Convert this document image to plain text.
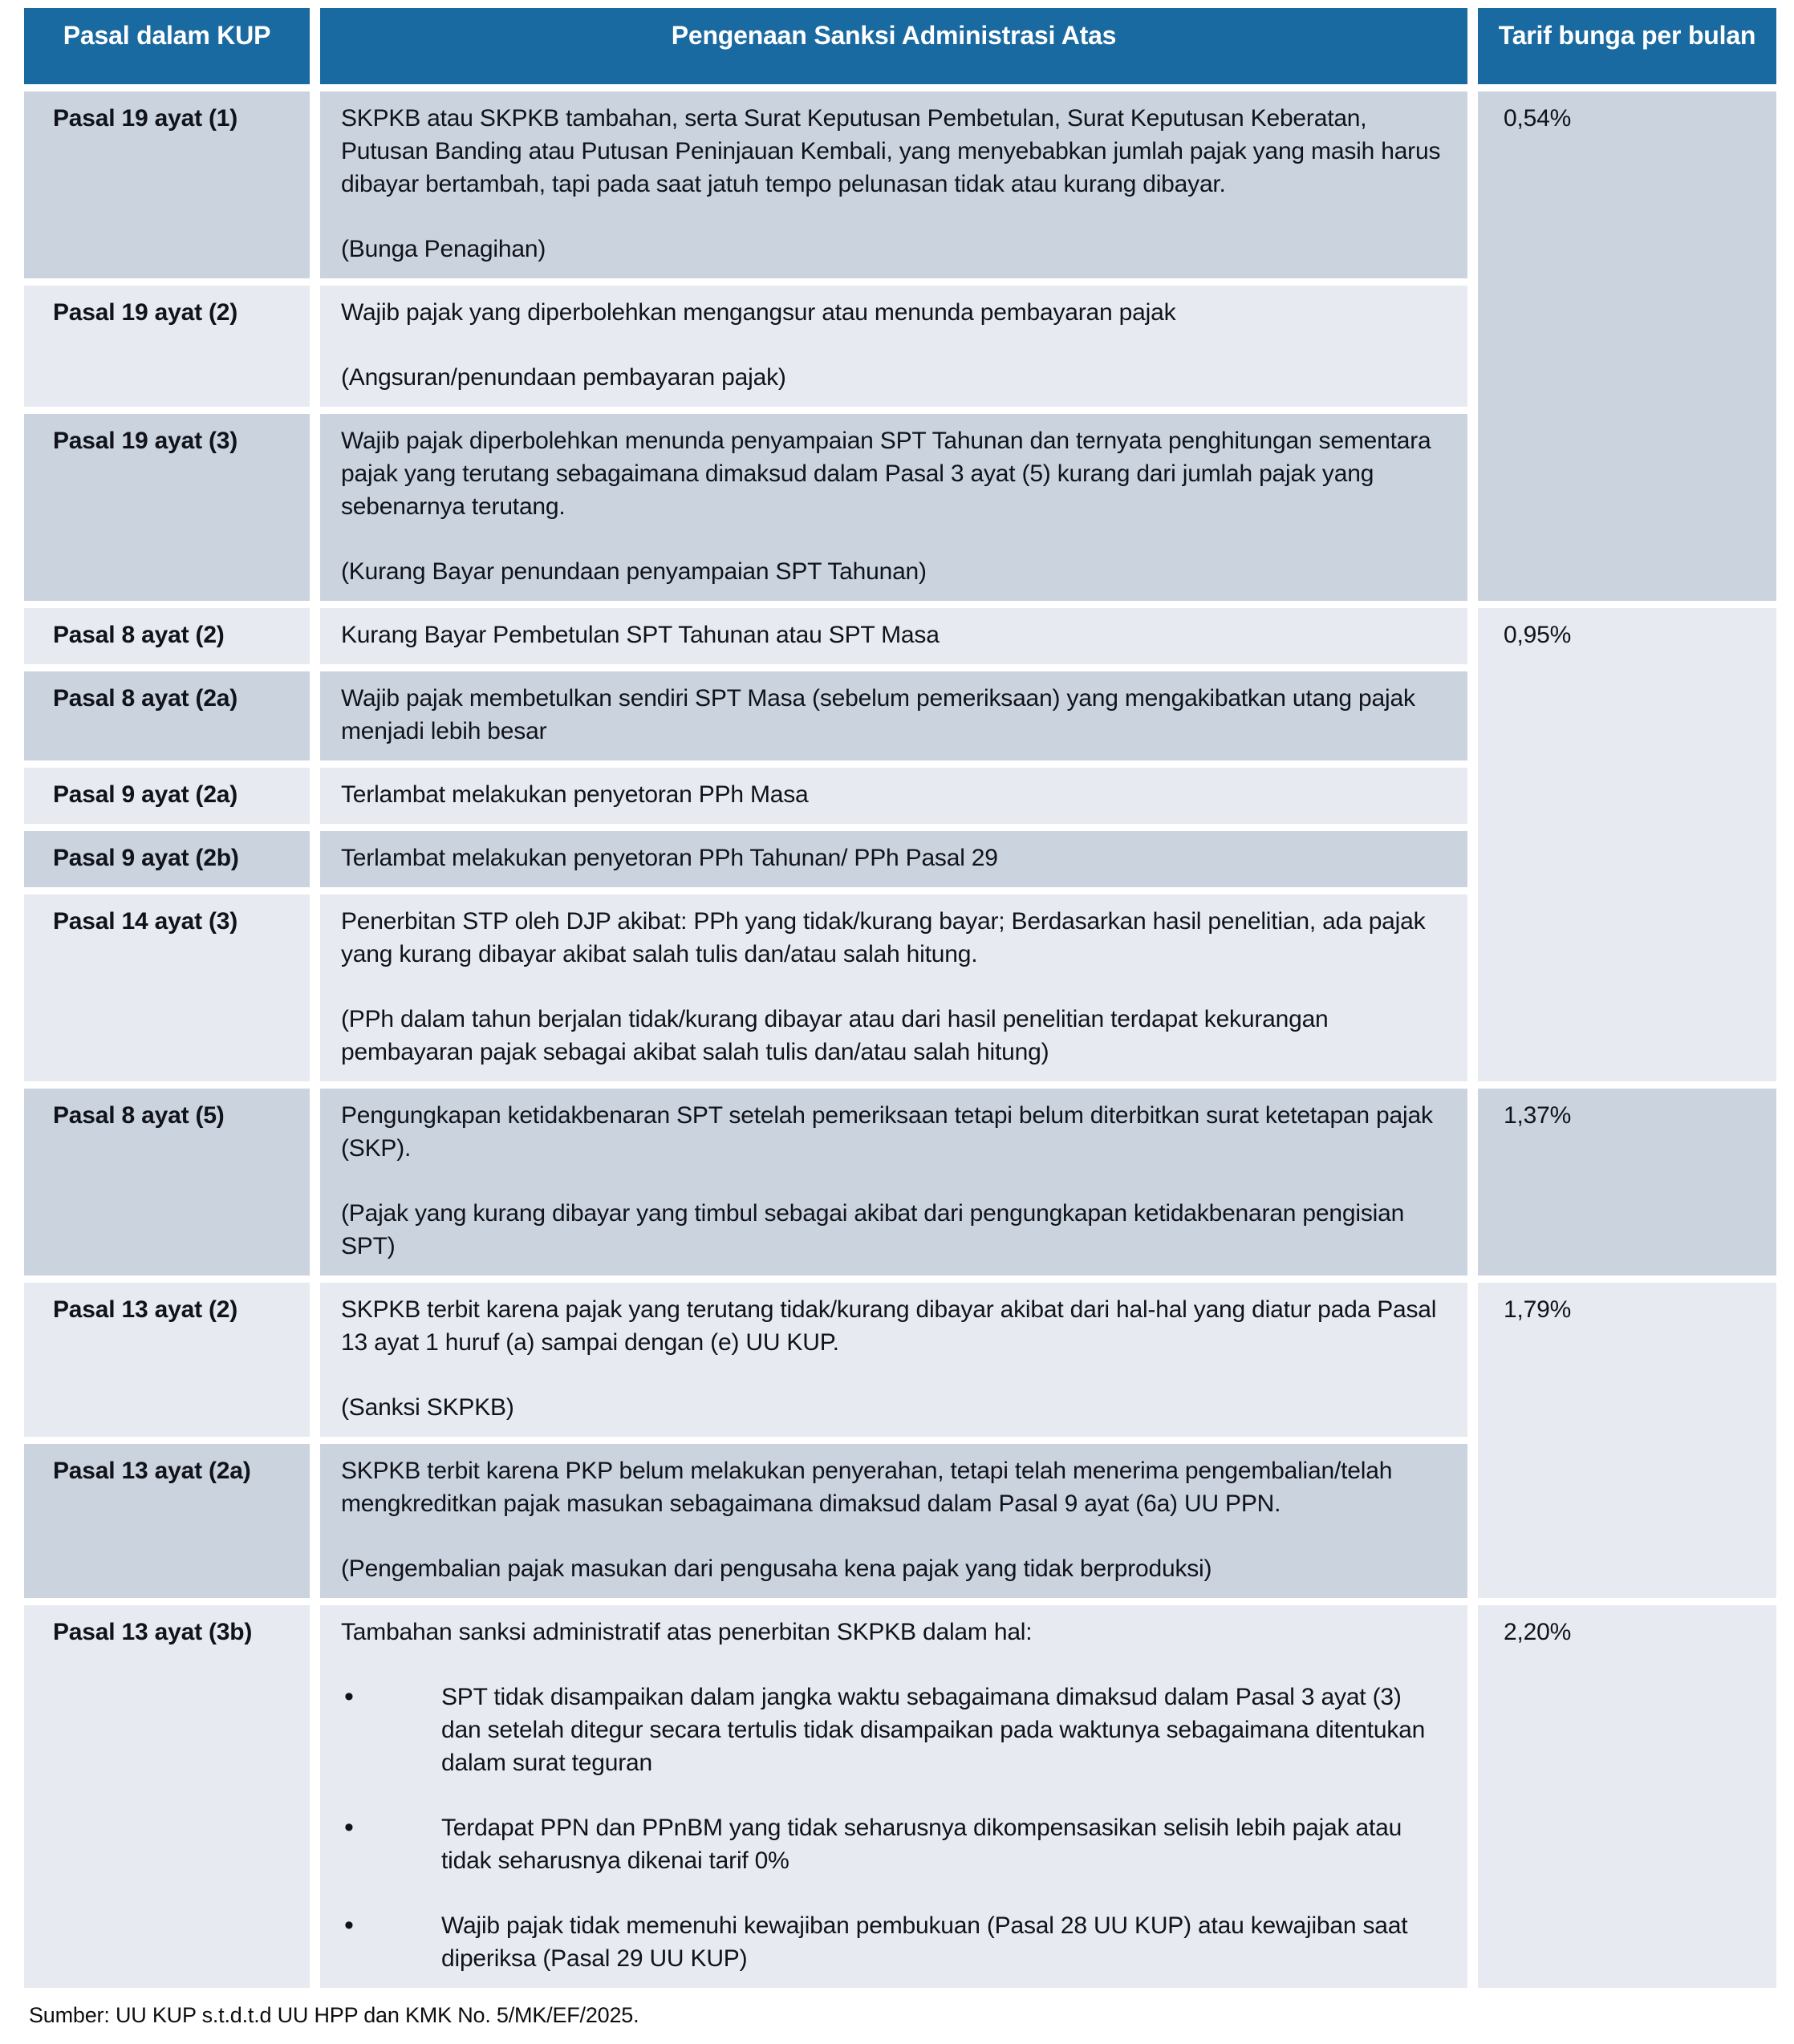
Pasal dalam KUP	Pengenaan Sanksi Administrasi Atas	Tarif bunga per bulan
Pasal 19 ayat (1)	SKPKB atau SKPKB tambahan, serta Surat Keputusan Pembetulan, Surat Keputusan Keberatan, Putusan Banding atau Putusan Peninjauan Kembali, yang menyebabkan jumlah pajak yang masih harus dibayar bertambah, tapi pada saat jatuh tempo pelunasan tidak atau kurang dibayar.

(Bunga Penagihan)

0,54%
Pasal 19 ayat (2)	Wajib pajak yang diperbolehkan mengangsur atau menunda pembayaran pajak

(Angsuran/penundaan pembayaran pajak)

Pasal 19 ayat (3)	Wajib pajak diperbolehkan menunda penyampaian SPT Tahunan dan ternyata penghitungan sementara pajak yang terutang sebagaimana dimaksud dalam Pasal 3 ayat (5) kurang dari jumlah pajak yang sebenarnya terutang.

(Kurang Bayar penundaan penyampaian SPT Tahunan)

Pasal 8 ayat (2)	Kurang Bayar Pembetulan SPT Tahunan atau SPT Masa	0,95%
Pasal 8 ayat (2a)	Wajib pajak membetulkan sendiri SPT Masa (sebelum pemeriksaan) yang mengakibatkan utang pajak menjadi lebih besar

Pasal 9 ayat (2a)	Terlambat melakukan penyetoran PPh Masa

Pasal 9 ayat (2b)	Terlambat melakukan penyetoran PPh Tahunan/ PPh Pasal 29

Pasal 14 ayat (3)	Penerbitan STP oleh DJP akibat: PPh yang tidak/kurang bayar; Berdasarkan hasil penelitian, ada pajak yang kurang dibayar akibat salah tulis dan/atau salah hitung.

(PPh dalam tahun berjalan tidak/kurang dibayar atau dari hasil penelitian terdapat kekurangan pembayaran pajak sebagai akibat salah tulis dan/atau salah hitung)

Pasal 8 ayat (5)	Pengungkapan ketidakbenaran SPT setelah pemeriksaan tetapi belum diterbitkan surat ketetapan pajak (SKP).

(Pajak yang kurang dibayar yang timbul sebagai akibat dari pengungkapan ketidakbenaran pengisian SPT)

1,37%
Pasal 13 ayat (2)	SKPKB terbit karena pajak yang terutang tidak/kurang dibayar akibat dari hal-hal yang diatur pada Pasal 13 ayat 1 huruf (a) sampai dengan (e) UU KUP.

(Sanksi SKPKB)

1,79%
Pasal 13 ayat (2a)	SKPKB terbit karena PKP belum melakukan penyerahan, tetapi telah menerima pengembalian/telah mengkreditkan pajak masukan sebagaimana dimaksud dalam Pasal 9 ayat (6a) UU PPN.

(Pengembalian pajak masukan dari pengusaha kena pajak yang tidak berproduksi)

Pasal 13 ayat (3b)	Tambahan sanksi administratif atas penerbitan SKPKB dalam hal:

• SPT tidak disampaikan dalam jangka waktu sebagaimana dimaksud dalam Pasal 3 ayat (3) dan setelah ditegur secara tertulis tidak disampaikan pada waktunya sebagaimana ditentukan dalam surat teguran
• Terdapat PPN dan PPnBM yang tidak seharusnya dikompensasikan selisih lebih pajak atau tidak seharusnya dikenai tarif 0%
• Wajib pajak tidak memenuhi kewajiban pembukuan (Pasal 28 UU KUP) atau kewajiban saat diperiksa (Pasal 29 UU KUP)
2,20%
Sumber: UU KUP s.t.d.t.d UU HPP dan KMK No. 5/MK/EF/2025.
